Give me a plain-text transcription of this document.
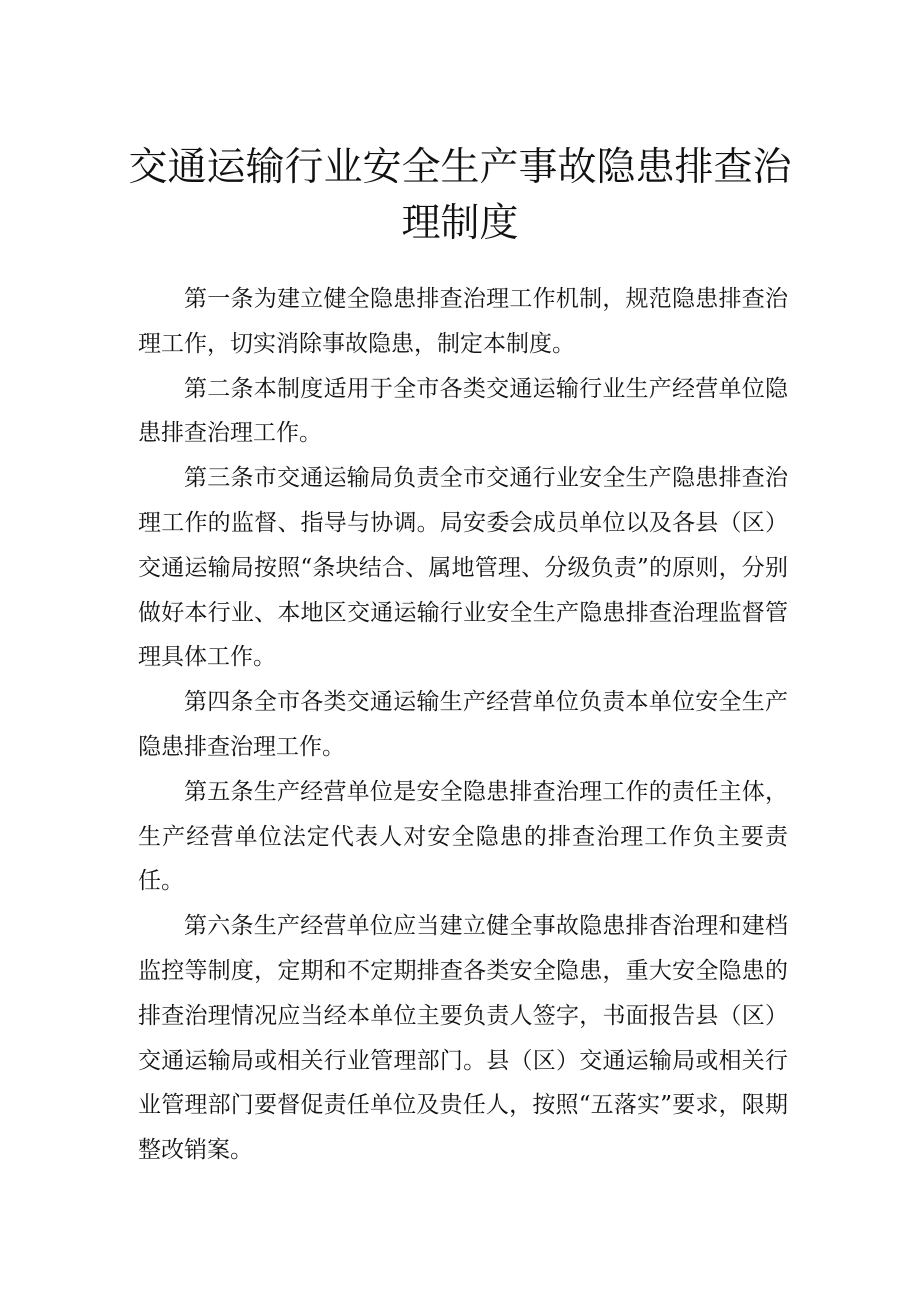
交通运输行业安全生产事故隐患排查治
理制度

第一条为建立健全隐患排查治理工作机制，规范隐患排查治理工作，切实消除事故隐患，制定本制度。

第二条本制度适用于全市各类交通运输行业生产经营单位隐患排查治理工作。

第三条市交通运输局负责全市交通行业安全生产隐患排查治理工作的监督、指导与协调。局安委会成员单位以及各县（区）交通运输局按照“条块结合、属地管理、分级负责”的原则，分别做好本行业、本地区交通运输行业安全生产隐患排查治理监督管理具体工作。

第四条全市各类交通运输生产经营单位负责本单位安全生产隐患排查治理工作。

第五条生产经营单位是安全隐患排查治理工作的责任主体，生产经营单位法定代表人对安全隐患的排查治理工作负主要责任。

第六条生产经营单位应当建立健全事故隐患排杳治理和建档监控等制度，定期和不定期排查各类安全隐患，重大安全隐患的排查治理情况应当经本单位主要负责人签字，书面报告县（区）交通运输局或相关行业管理部门。县（区）交通运输局或相关行业管理部门要督促责任单位及贵任人，按照“五落实”要求，限期整改销案。
